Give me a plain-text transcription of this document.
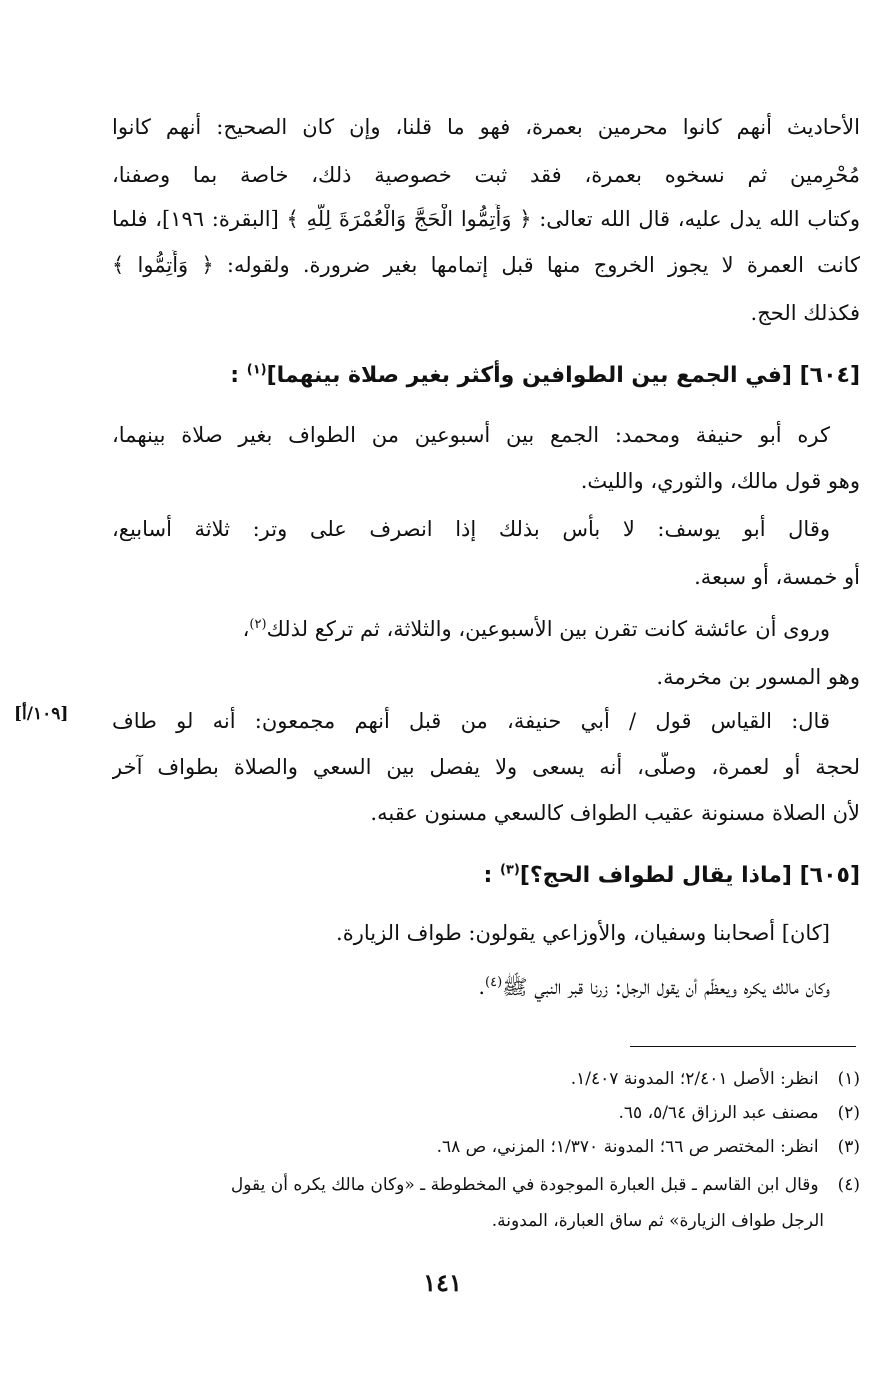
الأحاديث أنهم كانوا محرمين بعمرة، فهو ما قلنا، وإن كان الصحيح: أنهم كانوا
مُحْرِمين ثم نسخوه بعمرة، فقد ثبت خصوصية ذلك، خاصة بما وصفنا،
وكتاب الله يدل عليه، قال الله تعالى: ﴿ وَأَتِمُّوا الْحَجَّ وَالْعُمْرَةَ لِلَّهِ ﴾ [البقرة: ١٩٦]، فلما
كانت العمرة لا يجوز الخروج منها قبل إتمامها بغير ضرورة. ولقوله: ﴿ وَأَتِمُّوا ﴾
فكذلك الحج.
[٦٠٤] [في الجمع بين الطوافين وأكثر بغير صلاة بينهما]$^{(١)}$ :
كره أبو حنيفة ومحمد: الجمع بين أسبوعين من الطواف بغير صلاة بينهما،
وهو قول مالك، والثوري، والليث.
وقال أبو يوسف: لا بأس بذلك إذا انصرف على وتر: ثلاثة أسابيع،
أو خمسة، أو سبعة.
وروى أن عائشة كانت تقرن بين الأسبوعين، والثلاثة، ثم تركع لذلك$^{(٢)}$،
وهو المسور بن مخرمة.
قال: القياس قول / أبي حنيفة، من قبل أنهم مجمعون: أنه لو طاف
لحجة أو لعمرة، وصلّى، أنه يسعى ولا يفصل بين السعي والصلاة بطواف آخر
لأن الصلاة مسنونة عقيب الطواف كالسعي مسنون عقبه.
[١٠٩/أ]
[٦٠٥] [ماذا يقال لطواف الحج؟]$^{(٣)}$ :
[كان] أصحابنا وسفيان، والأوزاعي يقولون: طواف الزيارة.
وكان مالك يكره ويعظّم أن يقول الرجل: زرنا قبر النبي ﷺ$^{(٤)}$.
(١) انظر: الأصل ٢/٤٠١؛ المدونة ١/٤٠٧.
(٢) مصنف عبد الرزاق ٥/٦٤، ٦٥.
(٣) انظر: المختصر ص ٦٦؛ المدونة ١/٣٧٠؛ المزني، ص ٦٨.
(٤) وقال ابن القاسم ـ قبل العبارة الموجودة في المخطوطة ـ «وكان مالك يكره أن يقول
الرجل طواف الزيارة» ثم ساق العبارة، المدونة.
١٤١
